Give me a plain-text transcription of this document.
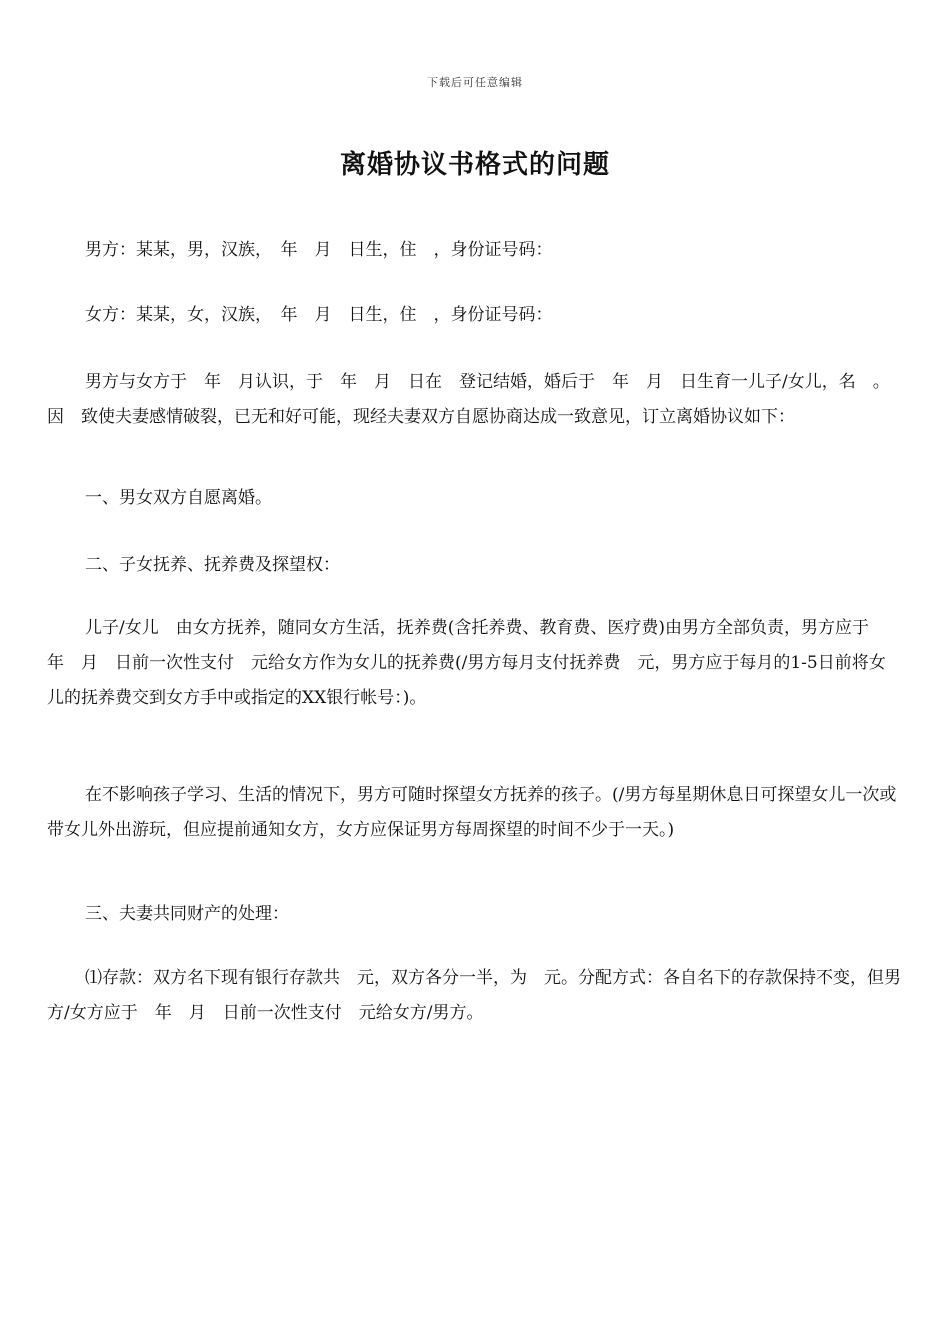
下载后可任意编辑
离婚协议书格式的问题

男方：某某，男，汉族，　年　月　日生，住　，身份证号码：

女方：某某，女，汉族，　年　月　日生，住　，身份证号码：

男方与女方于　年　月认识，于　年　月　日在　登记结婚，婚后于　年　月　日生育一儿子/女儿，名　。因　致使夫妻感情破裂，已无和好可能，现经夫妻双方自愿协商达成一致意见，订立离婚协议如下：

一、男女双方自愿离婚。

二、子女抚养、抚养费及探望权：

儿子/女儿　由女方抚养，随同女方生活，抚养费(含托养费、教育费、医疗费)由男方全部负责，男方应于　年　月　日前一次性支付　元给女方作为女儿的抚养费(/男方每月支付抚养费　元，男方应于每月的1-5日前将女儿的抚养费交到女方手中或指定的XX银行帐号：)。

在不影响孩子学习、生活的情况下，男方可随时探望女方抚养的孩子。(/男方每星期休息日可探望女儿一次或带女儿外出游玩，但应提前通知女方，女方应保证男方每周探望的时间不少于一天。)

三、夫妻共同财产的处理：

⑴存款：双方名下现有银行存款共　元，双方各分一半，为　元。分配方式：各自名下的存款保持不变，但男方/女方应于　年　月　日前一次性支付　元给女方/男方。
